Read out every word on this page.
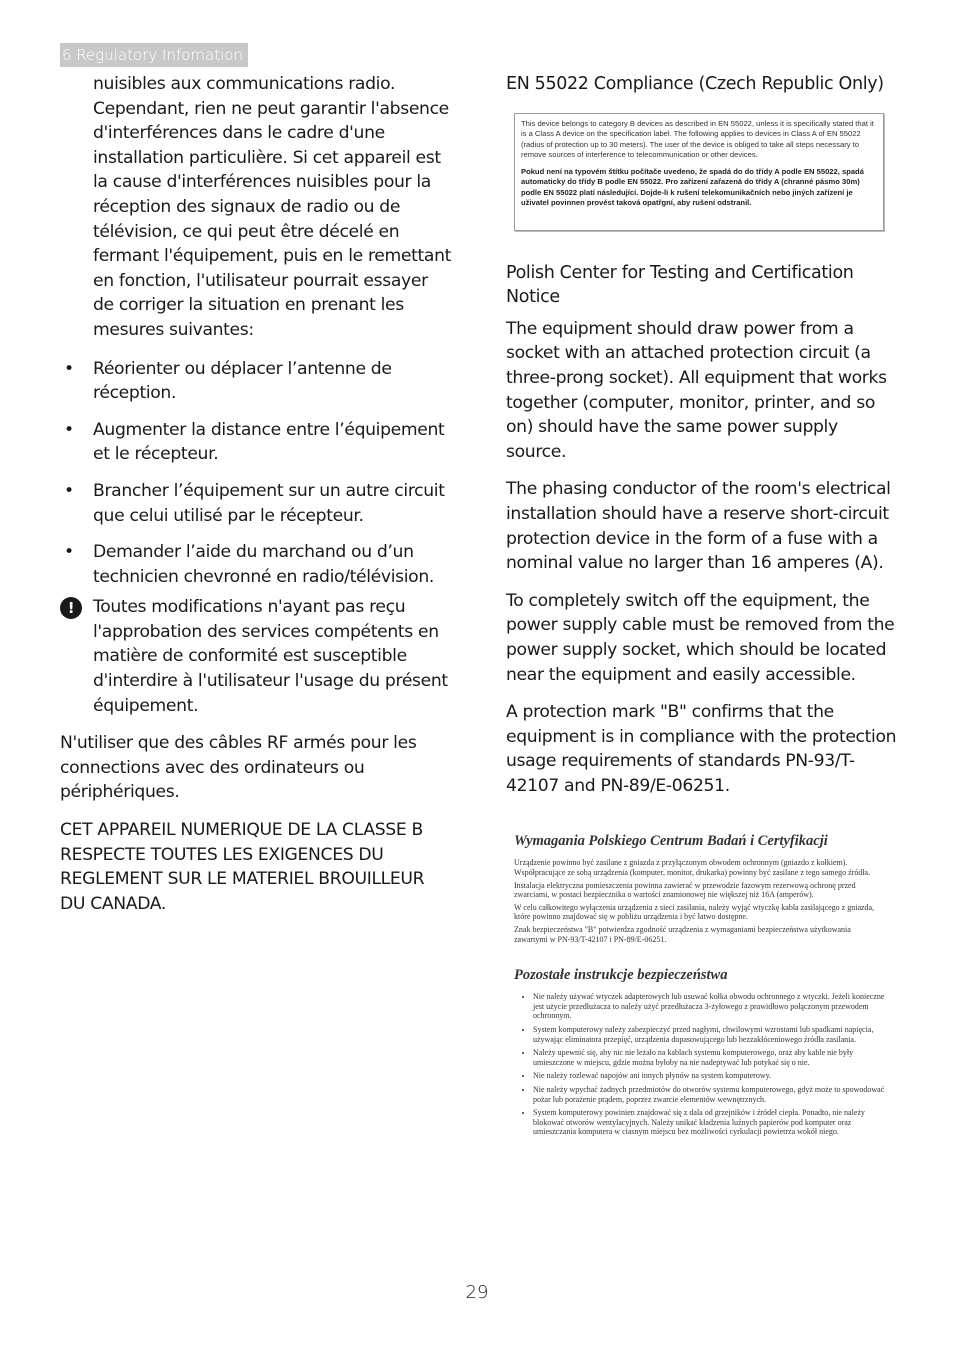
6 Regulatory Infomation

nuisibles aux communications radio. Cependant, rien ne peut garantir l'absence d'interférences dans le cadre d'une installation particulière. Si cet appareil est la cause d'interférences nuisibles pour la réception des signaux de radio ou de télévision, ce qui peut être décelé en fermant l'équipement, puis en le remettant en fonction, l'utilisateur pourrait essayer de corriger la situation en prenant les mesures suivantes:

• Réorienter ou déplacer l’antenne de réception.
• Augmenter la distance entre l’équipement et le récepteur.
• Brancher l’équipement sur un autre circuit que celui utilisé par le récepteur.
• Demander l’aide du marchand ou d’un technicien chevronné en radio/télévision.
!	Toutes modifications n'ayant pas reçu l'approbation des services compétents en matière de conformité est susceptible d'interdire à l'utilisateur l'usage du présent équipement.

N'utiliser que des câbles RF armés pour les connections avec des ordinateurs ou périphériques.

CET APPAREIL NUMERIQUE DE LA CLASSE B RESPECTE TOUTES LES EXIGENCES DU REGLEMENT SUR LE MATERIEL BROUILLEUR DU CANADA.

EN 55022 Compliance (Czech Republic Only)

This device belongs to category B devices as described in EN 55022, unless it is specifically stated that it is a Class A device on the specification label. The following applies to devices in Class A of EN 55022 (radius of protection up to 30 meters). The user of the device is obliged to take all steps necessary to remove sources of interference to telecommunication or other devices.
Pokud není na typovém štítku počítače uvedeno, že spadá do do třídy A podle EN 55022, spadá automaticky do třídy B podle EN 55022. Pro zařízení zařazená do třídy A (chranné pásmo 30m) podle EN 55022 platí následující. Dojde-li k rušení telekomunikačních nebo jiných zařízení je uživatel povinnen provést taková opatřgní, aby rušení odstranil.

Polish Center for Testing and Certification Notice

The equipment should draw power from a socket with an attached protection circuit (a three-prong socket). All equipment that works together (computer, monitor, printer, and so on) should have the same power supply source.

The phasing conductor of the room's electrical installation should have a reserve short-circuit protection device in the form of a fuse with a nominal value no larger than 16 amperes (A).

To completely switch off the equipment, the power supply cable must be removed from the power supply socket, which should be located near the equipment and easily accessible.

A protection mark "B" confirms that the equipment is in compliance with the protection usage requirements of standards PN-93/T-42107 and PN-89/E-06251.

Wymagania Polskiego Centrum Badań i Certyfikacji
Urządzenie powinno być zasilane z gniazda z przyłączonym obwodem ochronnym (gniazdo z kołkiem). Współpracujące ze sobą urządzenia (komputer, monitor, drukarka) powinny być zasilane z tego samego źródła.
Instalacja elektryczna pomieszczenia powinna zawierać w przewodzie fazowym rezerwową ochronę przed zwarciami, w postaci bezpiecznika o wartości znamionowej nie większej niż 16A (amperów).
W celu całkowitego wyłączenia urządzenia z sieci zasilania, należy wyjąć wtyczkę kabla zasilającego z gniazda, które powinno znajdować się w pobliżu urządzenia i być łatwo dostępne.
Znak bezpieczeństwa "B" potwierdza zgodność urządzenia z wymaganiami bezpieczeństwa użytkowania zawartymi w PN-93/T-42107 i PN-89/E-06251.
Pozostałe instrukcje bezpieczeństwa
• Nie należy używać wtyczek adapterowych lub usuwać kołka obwodu ochronnego z wtyczki. Jeżeli konieczne jest użycie przedłużacza to należy użyć przedłużacza 3-żyłowego z prawidłowo połączonym przewodem ochronnym.
• System komputerowy należy zabezpieczyć przed nagłymi, chwilowymi wzrostami lub spadkami napięcia, używając eliminatora przepięć, urządzenia dopasowującego lub bezzakłóceniowego źródła zasilania.
• Należy upewnić się, aby nic nie leżało na kablach systemu komputerowego, oraz aby kable nie były umieszczone w miejscu, gdzie można byłoby na nie nadeptywać lub potykać się o nie.
• Nie należy rozlewać napojów ani innych płynów na system komputerowy.
• Nie należy wpychać żadnych przedmiotów do otworów systemu komputerowego, gdyż może to spowodować pożar lub porażenie prądem, poprzez zwarcie elementów wewnętrznych.
• System komputerowy powinien znajdować się z dala od grzejników i źródeł ciepła. Ponadto, nie należy blokować otworów wentylacyjnych. Należy unikać kładzenia luźnych papierów pod komputer oraz umieszczania komputera w ciasnym miejscu bez możliwości cyrkulacji powietrza wokół niego.
29
